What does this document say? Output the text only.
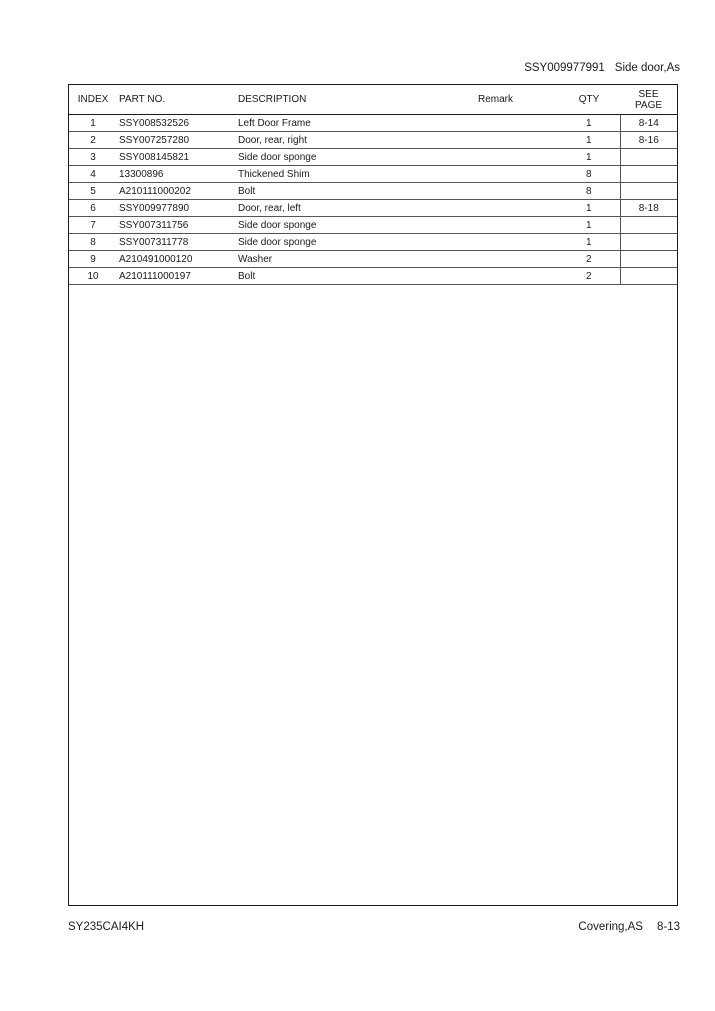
SSY009977991 Side door,As
INDEX	PART NO.	DESCRIPTION	Remark	QTY	SEE
PAGE
1	SSY008532526	Left Door Frame		1	8-14
2	SSY007257280	Door, rear, right		1	8-16
3	SSY008145821	Side door sponge		1	
4	13300896	Thickened Shim		8	
5	A210111000202	Bolt		8	
6	SSY009977890	Door, rear, left		1	8-18
7	SSY007311756	Side door sponge		1	
8	SSY007311778	Side door sponge		1	
9	A210491000120	Washer		2	
10	A210111000197	Bolt		2	
SY235CAI4KH	Covering,AS 8-13
